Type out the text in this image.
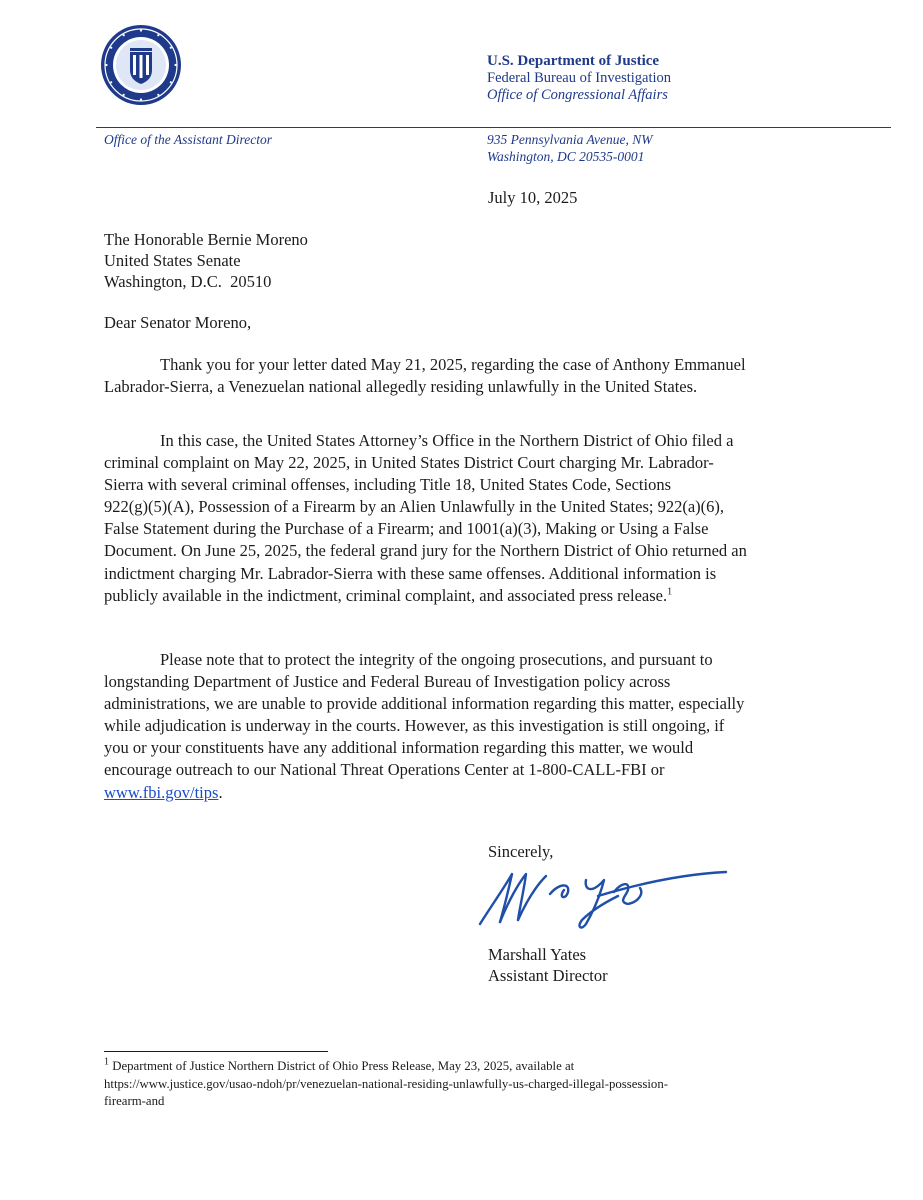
U.S. Department of Justice
Federal Bureau of Investigation
Office of Congressional Affairs
Office of the Assistant Director	935 Pennsylvania Avenue, NW
Washington, DC 20535-0001
July 10, 2025
The Honorable Bernie Moreno
United States Senate
Washington, D.C.  20510
Dear Senator Moreno,

Thank you for your letter dated May 21, 2025, regarding the case of Anthony Emmanuel

Labrador-Sierra, a Venezuelan national allegedly residing unlawfully in the United States.

In this case, the United States Attorney’s Office in the Northern District of Ohio filed a

criminal complaint on May 22, 2025, in United States District Court charging Mr. Labrador-

Sierra with several criminal offenses, including Title 18, United States Code, Sections

922(g)(5)(A), Possession of a Firearm by an Alien Unlawfully in the United States; 922(a)(6),

False Statement during the Purchase of a Firearm; and 1001(a)(3), Making or Using a False

Document. On June 25, 2025, the federal grand jury for the Northern District of Ohio returned an

indictment charging Mr. Labrador-Sierra with these same offenses. Additional information is

publicly available in the indictment, criminal complaint, and associated press release.$^1$

Please note that to protect the integrity of the ongoing prosecutions, and pursuant to

longstanding Department of Justice and Federal Bureau of Investigation policy across

administrations, we are unable to provide additional information regarding this matter, especially

while adjudication is underway in the courts. However, as this investigation is still ongoing, if

you or your constituents have any additional information regarding this matter, we would

encourage outreach to our National Threat Operations Center at 1-800-CALL-FBI or

www.fbi.gov/tips.

Sincerely,
Marshall Yates
Assistant Director

$^1$ Department of Justice Northern District of Ohio Press Release, May 23, 2025, available at

https://www.justice.gov/usao-ndoh/pr/venezuelan-national-residing-unlawfully-us-charged-illegal-possession-

firearm-and
